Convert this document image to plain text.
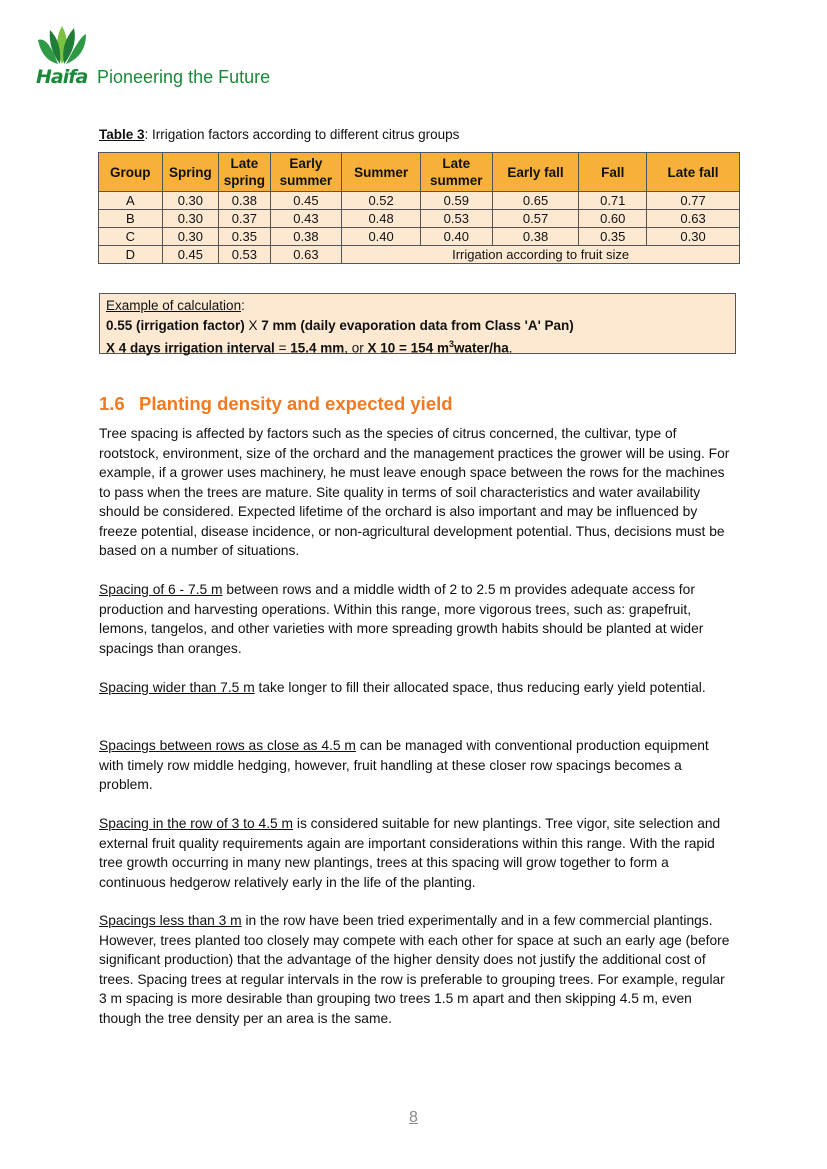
Haifa Pioneering the Future
Table 3: Irrigation factors according to different citrus groups
Group	Spring	Late spring	Early summer	Summer	Late summer	Early fall	Fall	Late fall
A	0.30	0.38	0.45	0.52	0.59	0.65	0.71	0.77
B	0.30	0.37	0.43	0.48	0.53	0.57	0.60	0.63
C	0.30	0.35	0.38	0.40	0.40	0.38	0.35	0.30
D	0.45	0.53	0.63	Irrigation according to fruit size				
Example of calculation:
0.55 (irrigation factor) X 7 mm (daily evaporation data from Class 'A' Pan)
X 4 days irrigation interval = 15.4 mm, or X 10 = 154 $m^3water/ha$.
1.6 Planting density and expected yield

Tree spacing is affected by factors such as the species of citrus concerned, the cultivar, type of rootstock, environment, size of the orchard and the management practices the grower will be using. For example, if a grower uses machinery, he must leave enough space between the rows for the machines to pass when the trees are mature. Site quality in terms of soil characteristics and water availability should be considered. Expected lifetime of the orchard is also important and may be influenced by freeze potential, disease incidence, or non-agricultural development potential. Thus, decisions must be based on a number of situations.

Spacing of 6 - 7.5 m between rows and a middle width of 2 to 2.5 m provides adequate access for production and harvesting operations. Within this range, more vigorous trees, such as: grapefruit, lemons, tangelos, and other varieties with more spreading growth habits should be planted at wider spacings than oranges.

Spacing wider than 7.5 m take longer to fill their allocated space, thus reducing early yield potential.

Spacings between rows as close as 4.5 m can be managed with conventional production equipment with timely row middle hedging, however, fruit handling at these closer row spacings becomes a problem.

Spacing in the row of 3 to 4.5 m is considered suitable for new plantings. Tree vigor, site selection and external fruit quality requirements again are important considerations within this range. With the rapid tree growth occurring in many new plantings, trees at this spacing will grow together to form a continuous hedgerow relatively early in the life of the planting.

Spacings less than 3 m in the row have been tried experimentally and in a few commercial plantings. However, trees planted too closely may compete with each other for space at such an early age (before significant production) that the advantage of the higher density does not justify the additional cost of trees. Spacing trees at regular intervals in the row is preferable to grouping trees. For example, regular 3 m spacing is more desirable than grouping two trees 1.5 m apart and then skipping 4.5 m, even though the tree density per an area is the same.

8
